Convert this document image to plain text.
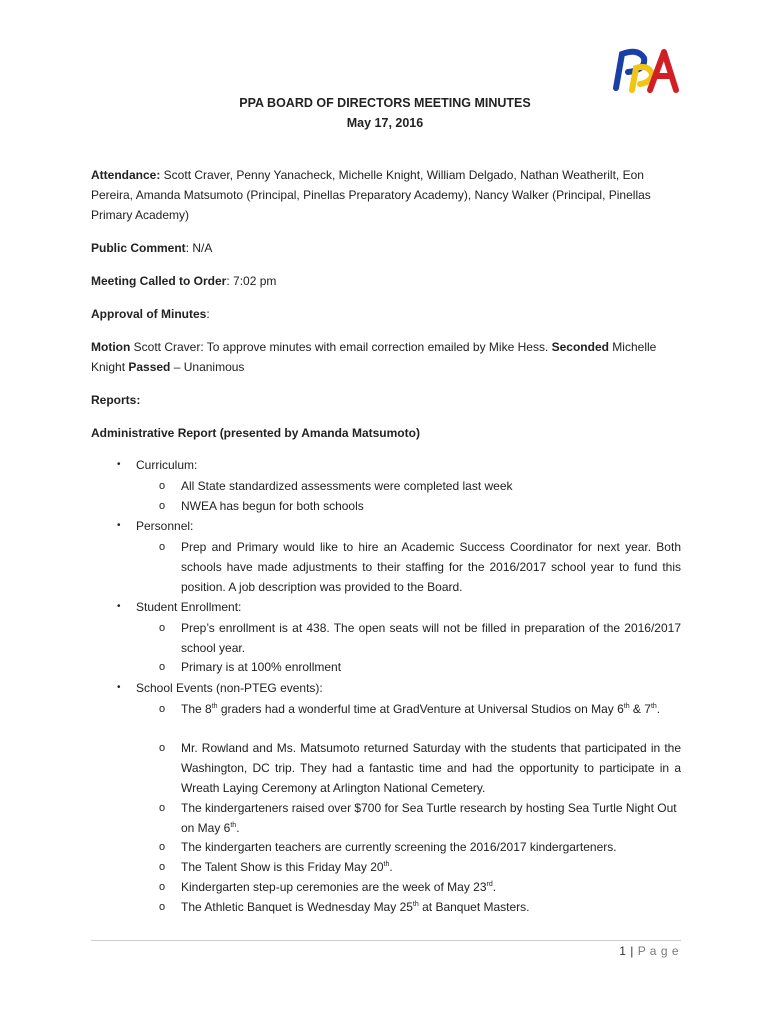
PPA BOARD OF DIRECTORS MEETING MINUTES
May 17, 2016
Attendance: Scott Craver, Penny Yanacheck, Michelle Knight, William Delgado, Nathan Weatherilt, Eon Pereira, Amanda Matsumoto (Principal, Pinellas Preparatory Academy), Nancy Walker (Principal, Pinellas Primary Academy)
Public Comment: N/A
Meeting Called to Order: 7:02 pm
Approval of Minutes:
Motion Scott Craver: To approve minutes with email correction emailed by Mike Hess. Seconded Michelle Knight Passed – Unanimous
Reports:
Administrative Report (presented by Amanda Matsumoto)
• Curriculum:
• Personnel:
• Student Enrollment:
• School Events (non-PTEG events):
o All State standardized assessments were completed last week
o NWEA has begun for both schools
o Prep and Primary would like to hire an Academic Success Coordinator for next year. Both schools have made adjustments to their staffing for the 2016/2017 school year to fund this position. A job description was provided to the Board.
o Prep’s enrollment is at 438. The open seats will not be filled in preparation of the 2016/2017 school year.
o Primary is at 100% enrollment
o The 8th graders had a wonderful time at GradVenture at Universal Studios on May 6th & 7th.
o Mr. Rowland and Ms. Matsumoto returned Saturday with the students that participated in the Washington, DC trip. They had a fantastic time and had the opportunity to participate in a Wreath Laying Ceremony at Arlington National Cemetery.
o The kindergarteners raised over $700 for Sea Turtle research by hosting Sea Turtle Night Out on May 6th.
o The kindergarten teachers are currently screening the 2016/2017 kindergarteners.
o The Talent Show is this Friday May 20th.
o Kindergarten step-up ceremonies are the week of May 23rd.
o The Athletic Banquet is Wednesday May 25th at Banquet Masters.
1 | P a g e
